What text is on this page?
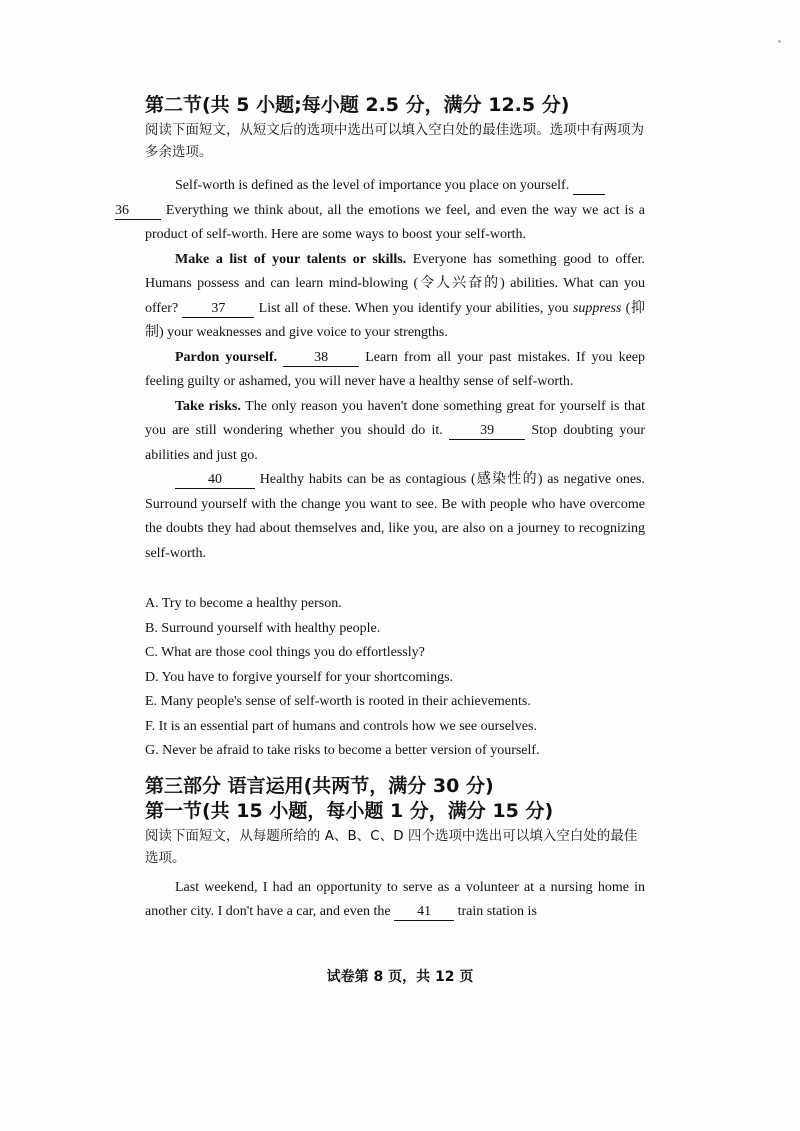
第二节(共 5 小题;每小题 2.5 分，满分 12.5 分)

阅读下面短文，从短文后的选项中选出可以填入空白处的最佳选项。选项中有两项为多余选项。

Self-worth is defined as the level of importance you place on yourself.
36	Everything we think about, all the emotions we feel, and even the way we act is a product of self-worth. Here are some ways to boost your self-worth.

Make a list of your talents or skills. Everyone has something good to offer. Humans possess and can learn mind-blowing (令人兴奋的) abilities. What can you offer? 37 List all of these. When you identify your abilities, you suppress (抑制) your weaknesses and give voice to your strengths.

Pardon yourself.	38	Learn from all your past mistakes. If you keep feeling guilty or ashamed, you will never have a healthy sense of self-worth.

Take risks. The only reason you haven't done something great for yourself is that you are still wondering whether you should do it.	39	Stop doubting your abilities and just go.

40	Healthy habits can be as contagious (感染性的) as negative ones. Surround yourself with the change you want to see. Be with people who have overcome the doubts they had about themselves and, like you, are also on a journey to recognizing self-worth.

A. Try to become a healthy person.

B. Surround yourself with healthy people.

C. What are those cool things you do effortlessly?

D. You have to forgive yourself for your shortcomings.

E. Many people's sense of self-worth is rooted in their achievements.

F. It is an essential part of humans and controls how we see ourselves.

G. Never be afraid to take risks to become a better version of yourself.

第三部分 语言运用(共两节，满分 30 分)
第一节(共 15 小题，每小题 1 分，满分 15 分)

阅读下面短文，从每题所给的 A、B、C、D 四个选项中选出可以填入空白处的最佳选项。

Last weekend, I had an opportunity to serve as a volunteer at a nursing home in another city. I don't have a car, and even the 41 train station is

试卷第 8 页，共 12 页
